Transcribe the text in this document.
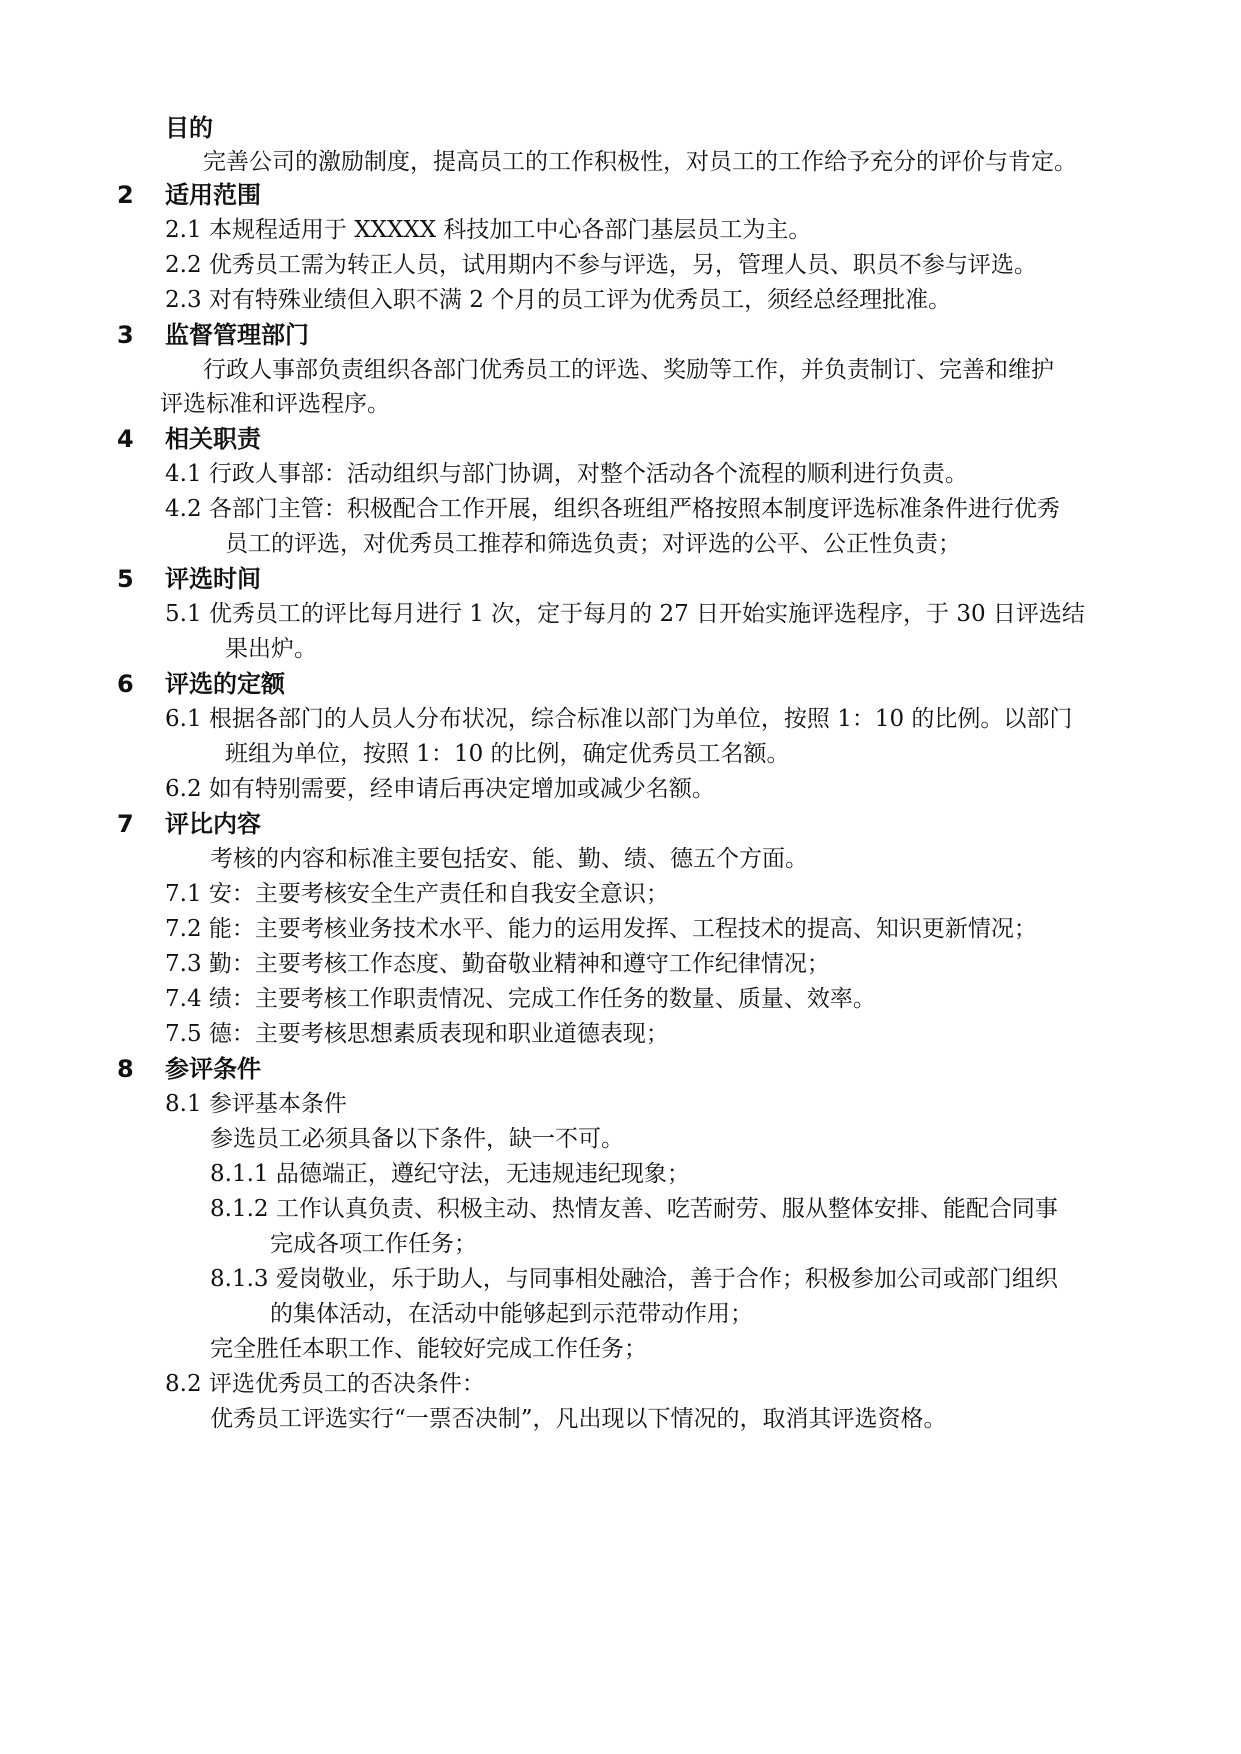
目的
完善公司的激励制度，提高员工的工作积极性，对员工的工作给予充分的评价与肯定。
2 适用范围
2.1 本规程适用于 XXXXX 科技加工中心各部门基层员工为主。
2.2 优秀员工需为转正人员，试用期内不参与评选，另，管理人员、职员不参与评选。
2.3 对有特殊业绩但入职不满 2 个月的员工评为优秀员工，须经总经理批准。
3 监督管理部门
行政人事部负责组织各部门优秀员工的评选、奖励等工作，并负责制订、完善和维护
评选标准和评选程序。
4 相关职责
4.1 行政人事部：活动组织与部门协调，对整个活动各个流程的顺利进行负责。
4.2 各部门主管：积极配合工作开展，组织各班组严格按照本制度评选标准条件进行优秀
员工的评选，对优秀员工推荐和筛选负责；对评选的公平、公正性负责；
5 评选时间
5.1 优秀员工的评比每月进行 1 次，定于每月的 27 日开始实施评选程序，于 30 日评选结
果出炉。
6 评选的定额
6.1 根据各部门的人员人分布状况，综合标准以部门为单位，按照 1：10 的比例。以部门
班组为单位，按照 1：10 的比例，确定优秀员工名额。
6.2 如有特别需要，经申请后再决定增加或减少名额。
7 评比内容
考核的内容和标准主要包括安、能、勤、绩、德五个方面。
7.1 安：主要考核安全生产责任和自我安全意识；
7.2 能：主要考核业务技术水平、能力的运用发挥、工程技术的提高、知识更新情况；
7.3 勤：主要考核工作态度、勤奋敬业精神和遵守工作纪律情况；
7.4 绩：主要考核工作职责情况、完成工作任务的数量、质量、效率。
7.5 德：主要考核思想素质表现和职业道德表现；
8 参评条件
8.1 参评基本条件
参选员工必须具备以下条件，缺一不可。
8.1.1 品德端正，遵纪守法，无违规违纪现象；
8.1.2 工作认真负责、积极主动、热情友善、吃苦耐劳、服从整体安排、能配合同事
完成各项工作任务；
8.1.3 爱岗敬业，乐于助人，与同事相处融洽，善于合作；积极参加公司或部门组织
的集体活动，在活动中能够起到示范带动作用；
完全胜任本职工作、能较好完成工作任务；
8.2 评选优秀员工的否决条件：
优秀员工评选实行“一票否决制”，凡出现以下情况的，取消其评选资格。
